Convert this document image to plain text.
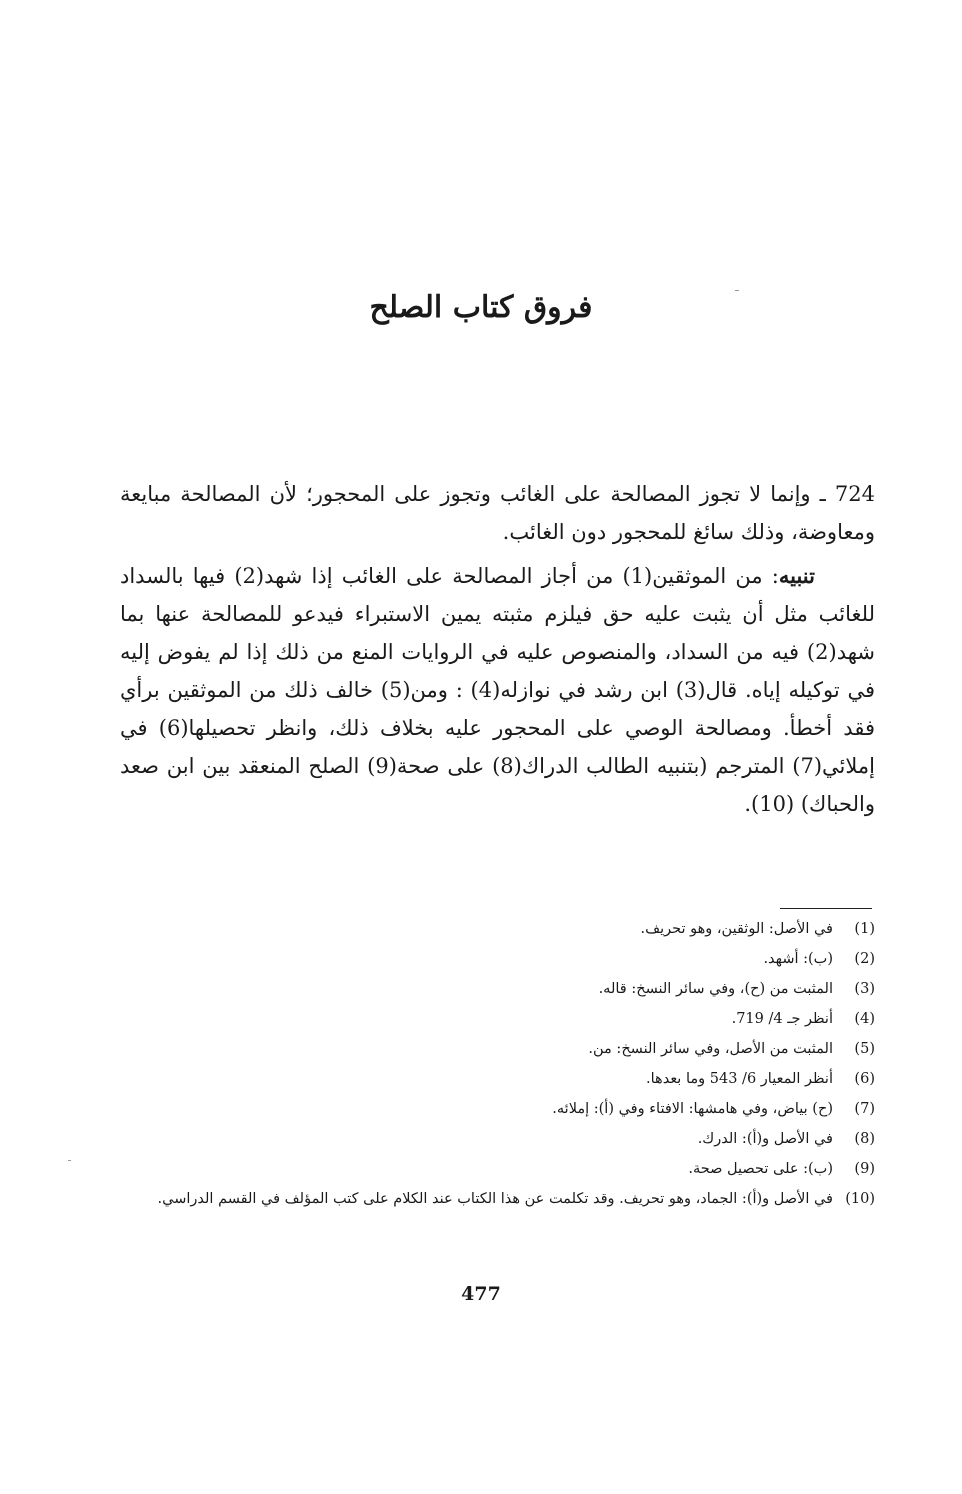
فروق كتاب الصلح

724 ـ وإنما لا تجوز المصالحة على الغائب وتجوز على المحجور؛ لأن المصالحة مبايعة ومعاوضة، وذلك سائغ للمحجور دون الغائب.

تنبيه: من الموثقين(1) من أجاز المصالحة على الغائب إذا شهد(2) فيها بالسداد للغائب مثل أن يثبت عليه حق فيلزم مثبته يمين الاستبراء فيدعو للمصالحة عنها بما شهد(2) فيه من السداد، والمنصوص عليه في الروايات المنع من ذلك إذا لم يفوض إليه في توكيله إياه. قال(3) ابن رشد في نوازله(4) : ومن(5) خالف ذلك من الموثقين برأي فقد أخطأ. ومصالحة الوصي على المحجور عليه بخلاف ذلك، وانظر تحصيلها(6) في إملائي(7) المترجم (بتنبيه الطالب الدراك(8) على صحة(9) الصلح المنعقد بين ابن صعد والحباك) (10).

(1)
في الأصل: الوثقين، وهو تحريف.
(2)
(ب): أشهد.
(3)
المثبت من (ح)، وفي سائر النسخ: قاله.
(4)
أنظر جـ 4/ 719.
(5)
المثبت من الأصل، وفي سائر النسخ: من.
(6)
أنظر المعيار 6/ 543 وما بعدها.
(7)
(ح) بياض، وفي هامشها: الافتاء وفي (أ): إملائه.
(8)
في الأصل و(أ): الدرك.
(9)
(ب): على تحصيل صحة.
(10)
في الأصل و(أ): الجماد، وهو تحريف. وقد تكلمت عن هذا الكتاب عند الكلام على كتب المؤلف في القسم الدراسي.
477
